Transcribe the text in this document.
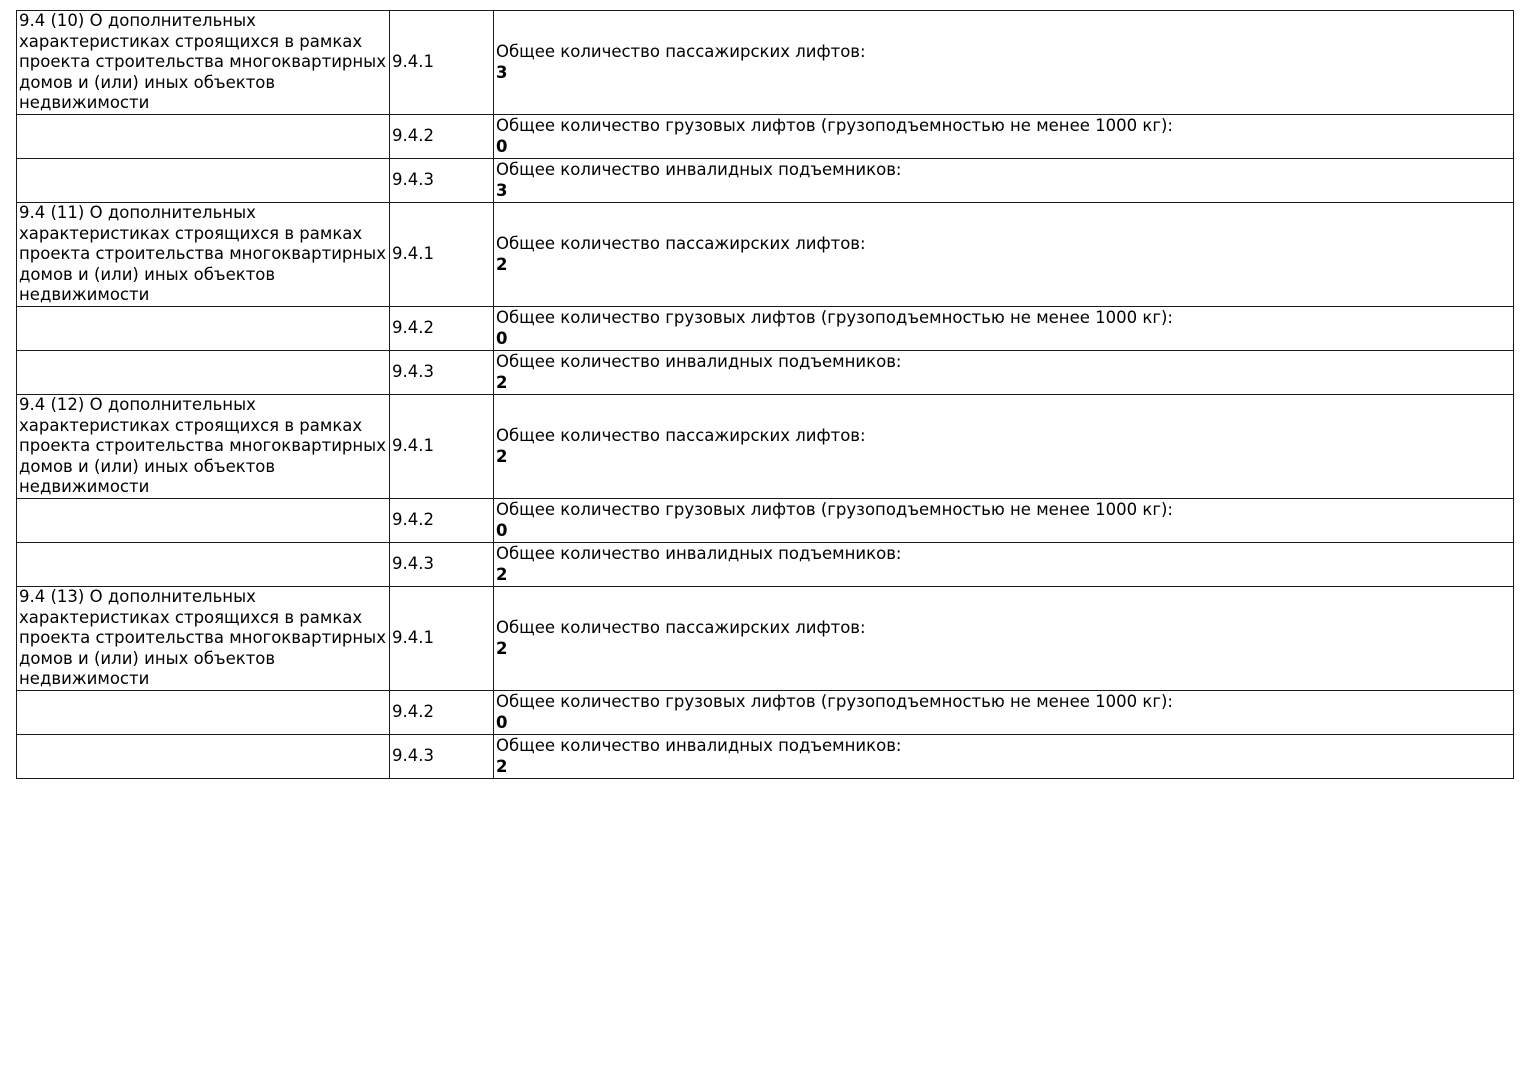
9.4 (10) О дополнительных характеристиках строящихся в рамках проекта строительства многоквартирных домов и (или) иных объектов недвижимости	9.4.1	Общее количество пассажирских лифтов:
3

	9.4.2	Общее количество грузовых лифтов (грузоподъемностью не менее 1000 кг):
0

	9.4.3	Общее количество инвалидных подъемников:
3

9.4 (11) О дополнительных характеристиках строящихся в рамках проекта строительства многоквартирных домов и (или) иных объектов недвижимости	9.4.1	Общее количество пассажирских лифтов:
2

	9.4.2	Общее количество грузовых лифтов (грузоподъемностью не менее 1000 кг):
0

	9.4.3	Общее количество инвалидных подъемников:
2

9.4 (12) О дополнительных характеристиках строящихся в рамках проекта строительства многоквартирных домов и (или) иных объектов недвижимости	9.4.1	Общее количество пассажирских лифтов:
2

	9.4.2	Общее количество грузовых лифтов (грузоподъемностью не менее 1000 кг):
0

	9.4.3	Общее количество инвалидных подъемников:
2

9.4 (13) О дополнительных характеристиках строящихся в рамках проекта строительства многоквартирных домов и (или) иных объектов недвижимости	9.4.1	Общее количество пассажирских лифтов:
2

	9.4.2	Общее количество грузовых лифтов (грузоподъемностью не менее 1000 кг):
0

	9.4.3	Общее количество инвалидных подъемников:
2
